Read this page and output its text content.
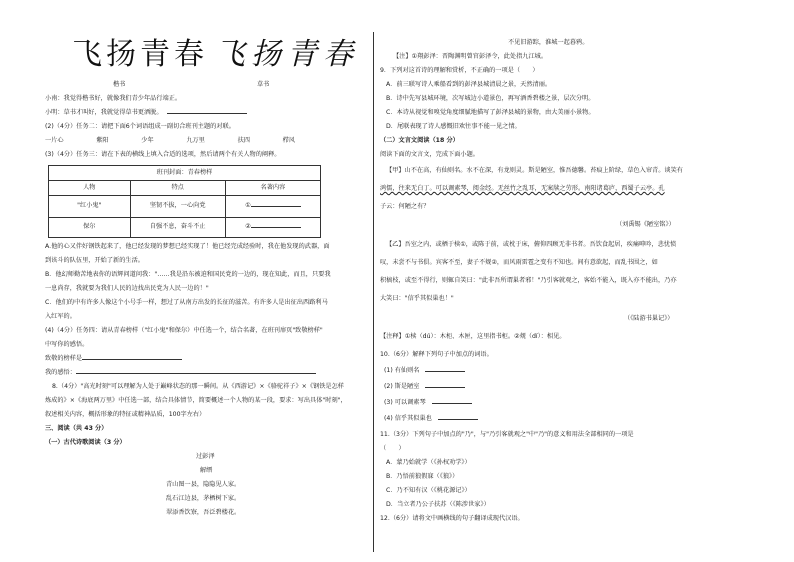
飞扬青春 飞扬青春
楷书	草书
小南：我觉得楷书好，就像我们青少年品行端正。
小明：草书才叫好，我就觉得草书更洒脱。
(2)（4分）任务二：请把下面6个词语组成一副切合班刊主题的对联。
一片心	紫阳	少年	九万里	扶四	栉风
(3)（4分）任务三：请在下表的横线上填入合适的选项，然后请两个有关人物的阐释。
班刊封面：青春榜样		
人物	特点	名著内容
"红小鬼"	坚韧不拔，一心向党	①
保尔	自强不息，奋斗不止	②
A.他的心又伴好钢铁起来了，他已经发现的梦想已经实现了！他已经完成经验时，我在他发现的武器，面
到该斗的队伍里，开始了新的生活。
B．他幻师勤苦地表你的语辉问道问我："……我是沿东被迫和国民党的一边的，现在知此，而且，只要我
一息尚存，我就要为我们人民的边找出民党为人民一边的！"
C．他们的中有许多人像这个小号手一样，想过了从南方出发的长征的滋苦。有许多人是出征出西路利马
入红军的。
(4)（4分）任务四：请从青春榜样（"红小鬼"和保尔）中任选一个，结合名著，在班刊扉页"致敬榜样"
中写你的感悟。
致敬的榜样是
我的感悟：
8.（4分）"高光时刻"可以理解为人处于巅峰状态的那一瞬间。从《西游记》×《骆驼祥子》×《钢铁是怎样
炼成的》×《海底两万里》中任选一部，结合具体情节，简要概述一个人物的某一段，要求：写出具体"时刻"，
叙述相关内容，概括形象的特征或精神品质，100字左右）
三、阅读（共 43 分）
（一）古代诗歌阅读（3 分）
过彭泽
解缙
青山图一县，隐隐见人家。
乱石江边县，茅栖树下家。
翠添香饮寮，吾泛碧楼花。
不见旧游踪，淮城一起暮鸦。
【注】①翔彭泽：晋陶渊明曾官彭泽令，此处指九江城。
9．下列对这首诗的理解和赏析，不正确的一项是（　　）
A．前三联写诗人乘船看到的彭泽县城清晨之景，天然清丽。
B．诗中先写县城环境，次写城边小道景色，再写酒香碧楼之景，层次分明。
C．本诗从视觉和嗅觉角度细腻地描写了彭泽县城的景物，由大美丽小景物。
D．尾联表现了诗人感慨旧欢往事不能一见之情。
（二）文言文阅读（18 分）
阅读下面的文言文，完成下面小题。
【甲】山不在高，有仙则名。水不在深，有龙则灵。斯是陋室，惟吾德馨。苔痕上阶绿，草色入帘青。谈笑有
鸿儒，往来无白丁。可以调素琴，阅金经。无丝竹之乱耳，无案牍之劳形。南阳诸葛庐，西蜀子云亭。孔
子云：何陋之有？
（刘禹锡《陋室铭》）
【乙】吾室之内，或栖于椟①，或陈于前，或枕于床，俯仰四顾无非书者。吾饮食起居，疾痛呻吟，悲忧愤
叹，未尝不与书俱。宾客不至，妻子不觌②，而风雨雷雹之变有不知也。间有意欲起，而乱书围之，如
积槁枝，或至不得行，则辄自笑曰："此非吾所谓巢者邪！"乃引客就观之，客始不能入，既入亦不能出，乃亦
大笑曰："信乎其似巢也！"
（《陆游书巢记》）
【注释】①椟（dú）：木柜、木匣，这里指书柜。②觌（dí）：相见。
10.（6分）解释下列句子中加点的词语。
(1) 有仙则名
(2) 斯是陋室
(3) 可以调素琴
(4) 信乎其似巢也
11.（3分）下列句子中加点的"乃"，与"乃引客就观之"中"乃"的意义和用法全部相同的一项是
（　　）
A．蒙乃始就学（《孙权劝学》）
B．乃悟前狼假寐（《狼》）
C．乃不知有汉（《桃花源记》）
D．当立者乃公子扶苏（《陈涉世家》）
12.（6分）请将文中画横线的句子翻译成现代汉语。
